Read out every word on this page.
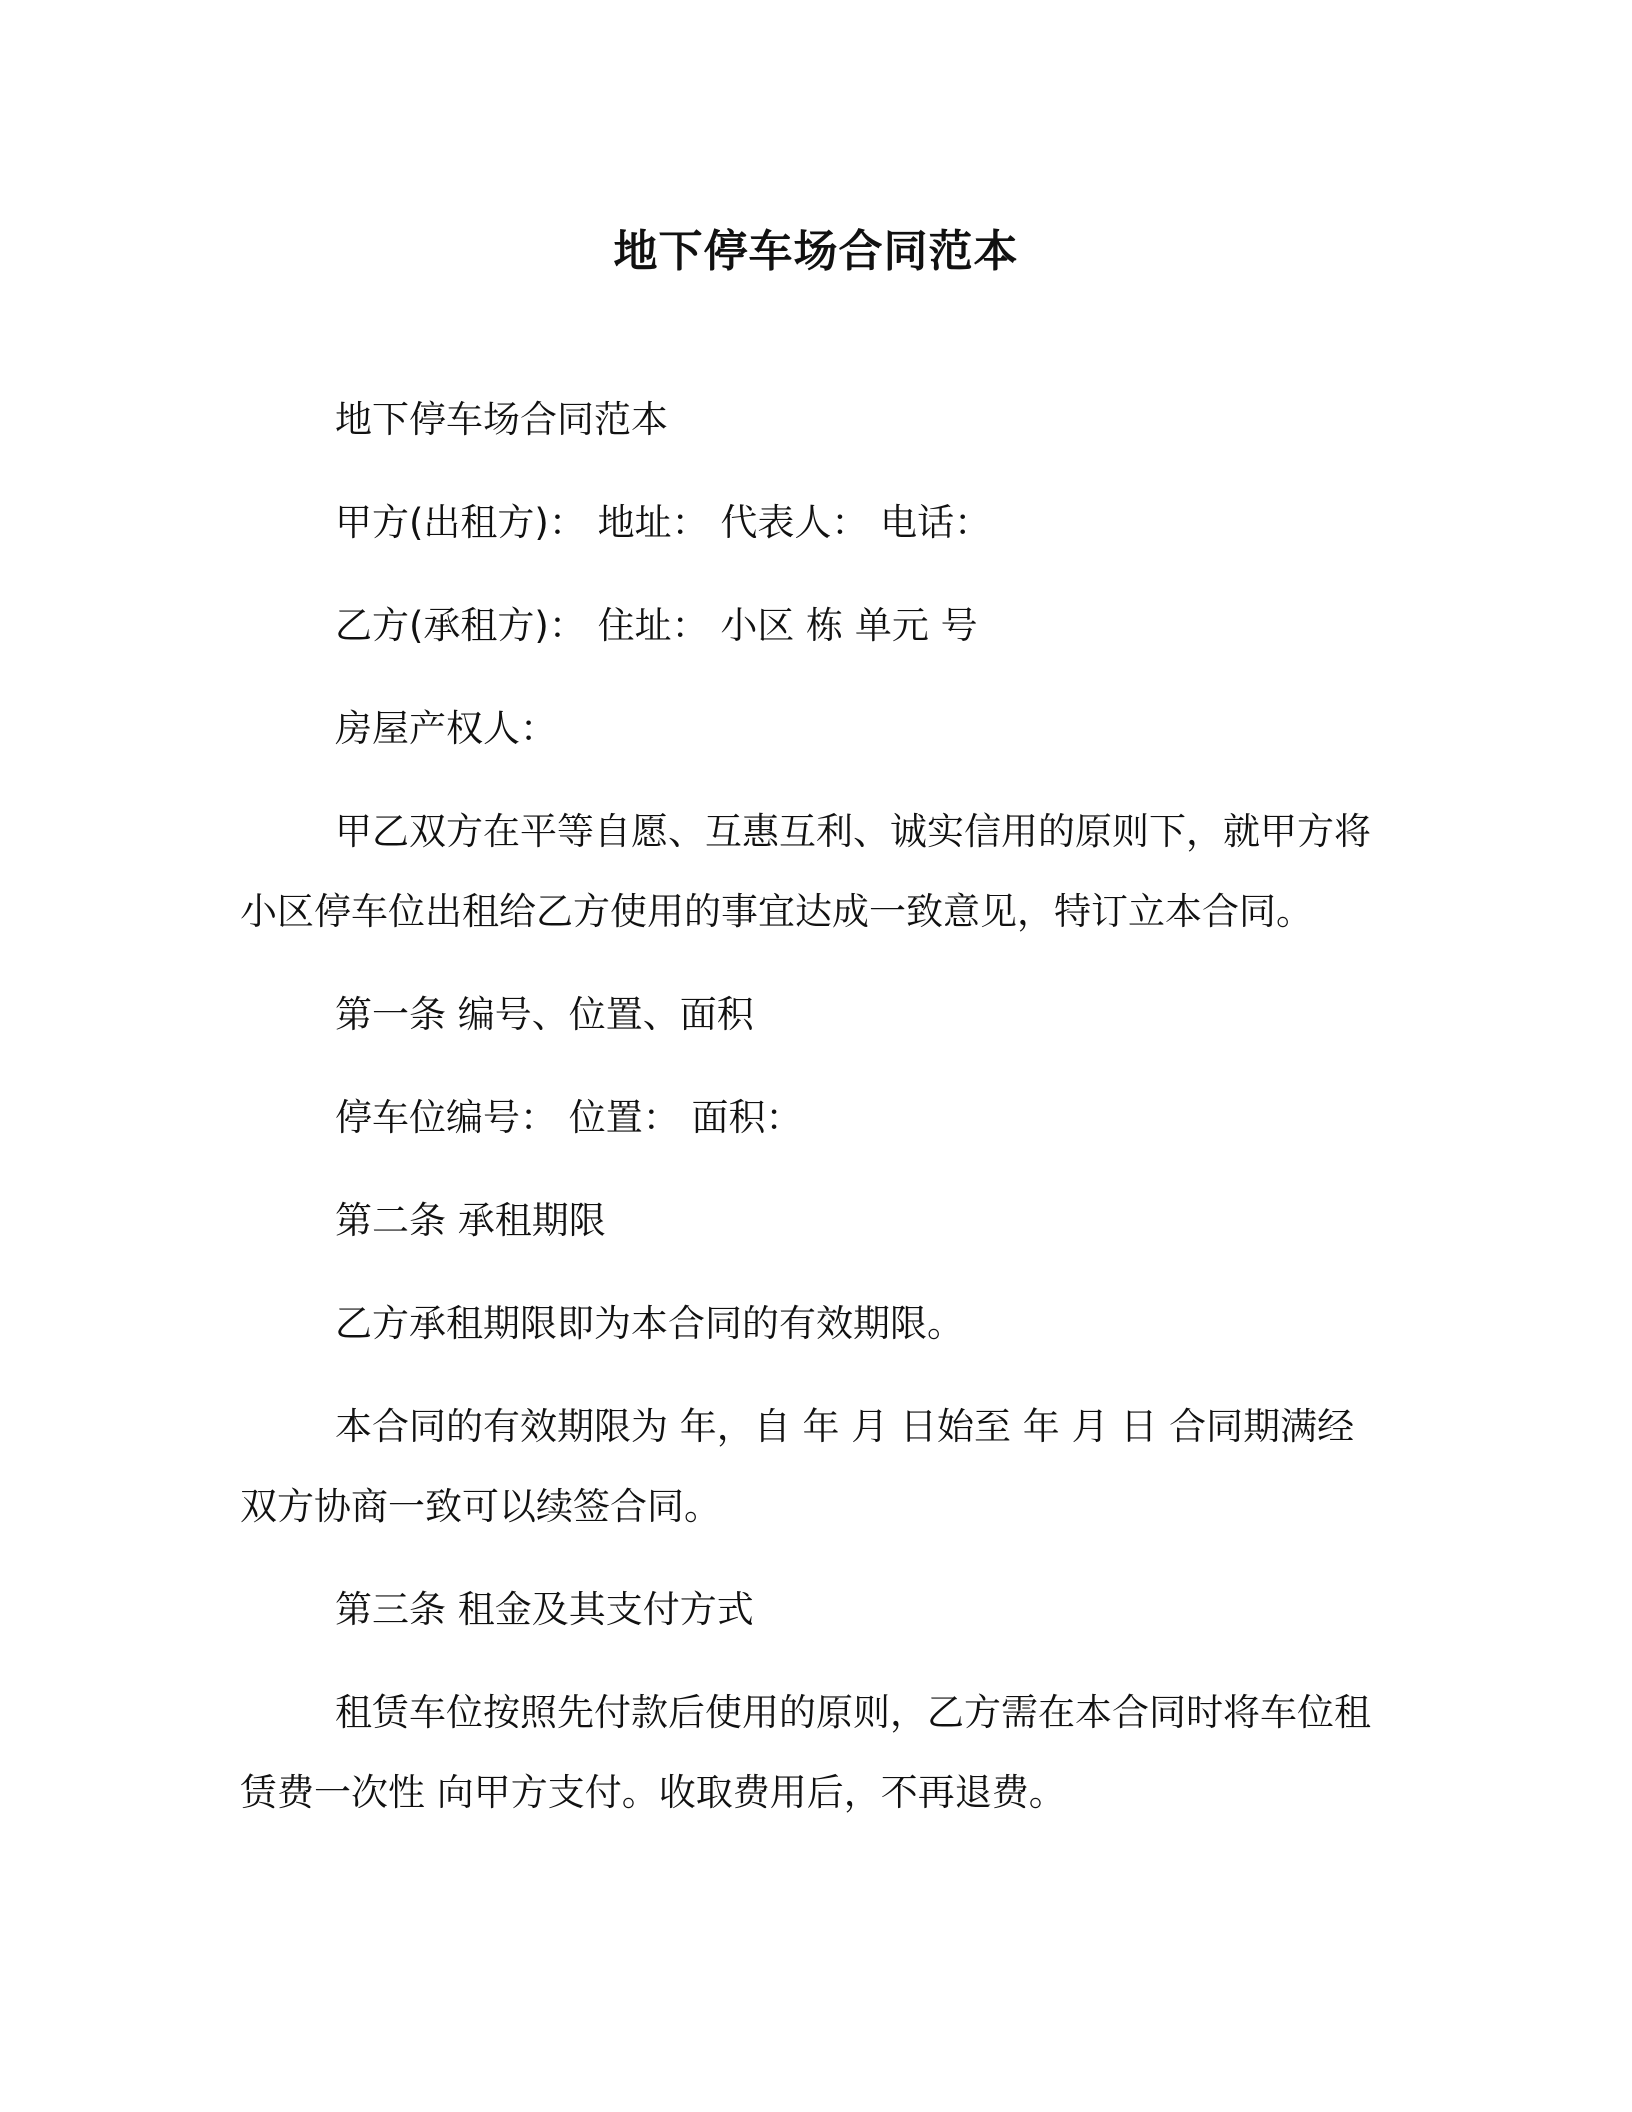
地下停车场合同范本

地下停车场合同范本

甲方(出租方)： 地址： 代表人： 电话：

乙方(承租方)： 住址： 小区 栋 单元 号

房屋产权人：

甲乙双方在平等自愿、互惠互利、诚实信用的原则下，就甲方将小区停车位出租给乙方使用的事宜达成一致意见，特订立本合同。

第一条 编号、位置、面积

停车位编号： 位置： 面积：

第二条 承租期限

乙方承租期限即为本合同的有效期限。

本合同的有效期限为 年，自 年 月 日始至 年 月 日 合同期满经双方协商一致可以续签合同。

第三条 租金及其支付方式

租赁车位按照先付款后使用的原则，乙方需在本合同时将车位租赁费一次性 向甲方支付。收取费用后，不再退费。
